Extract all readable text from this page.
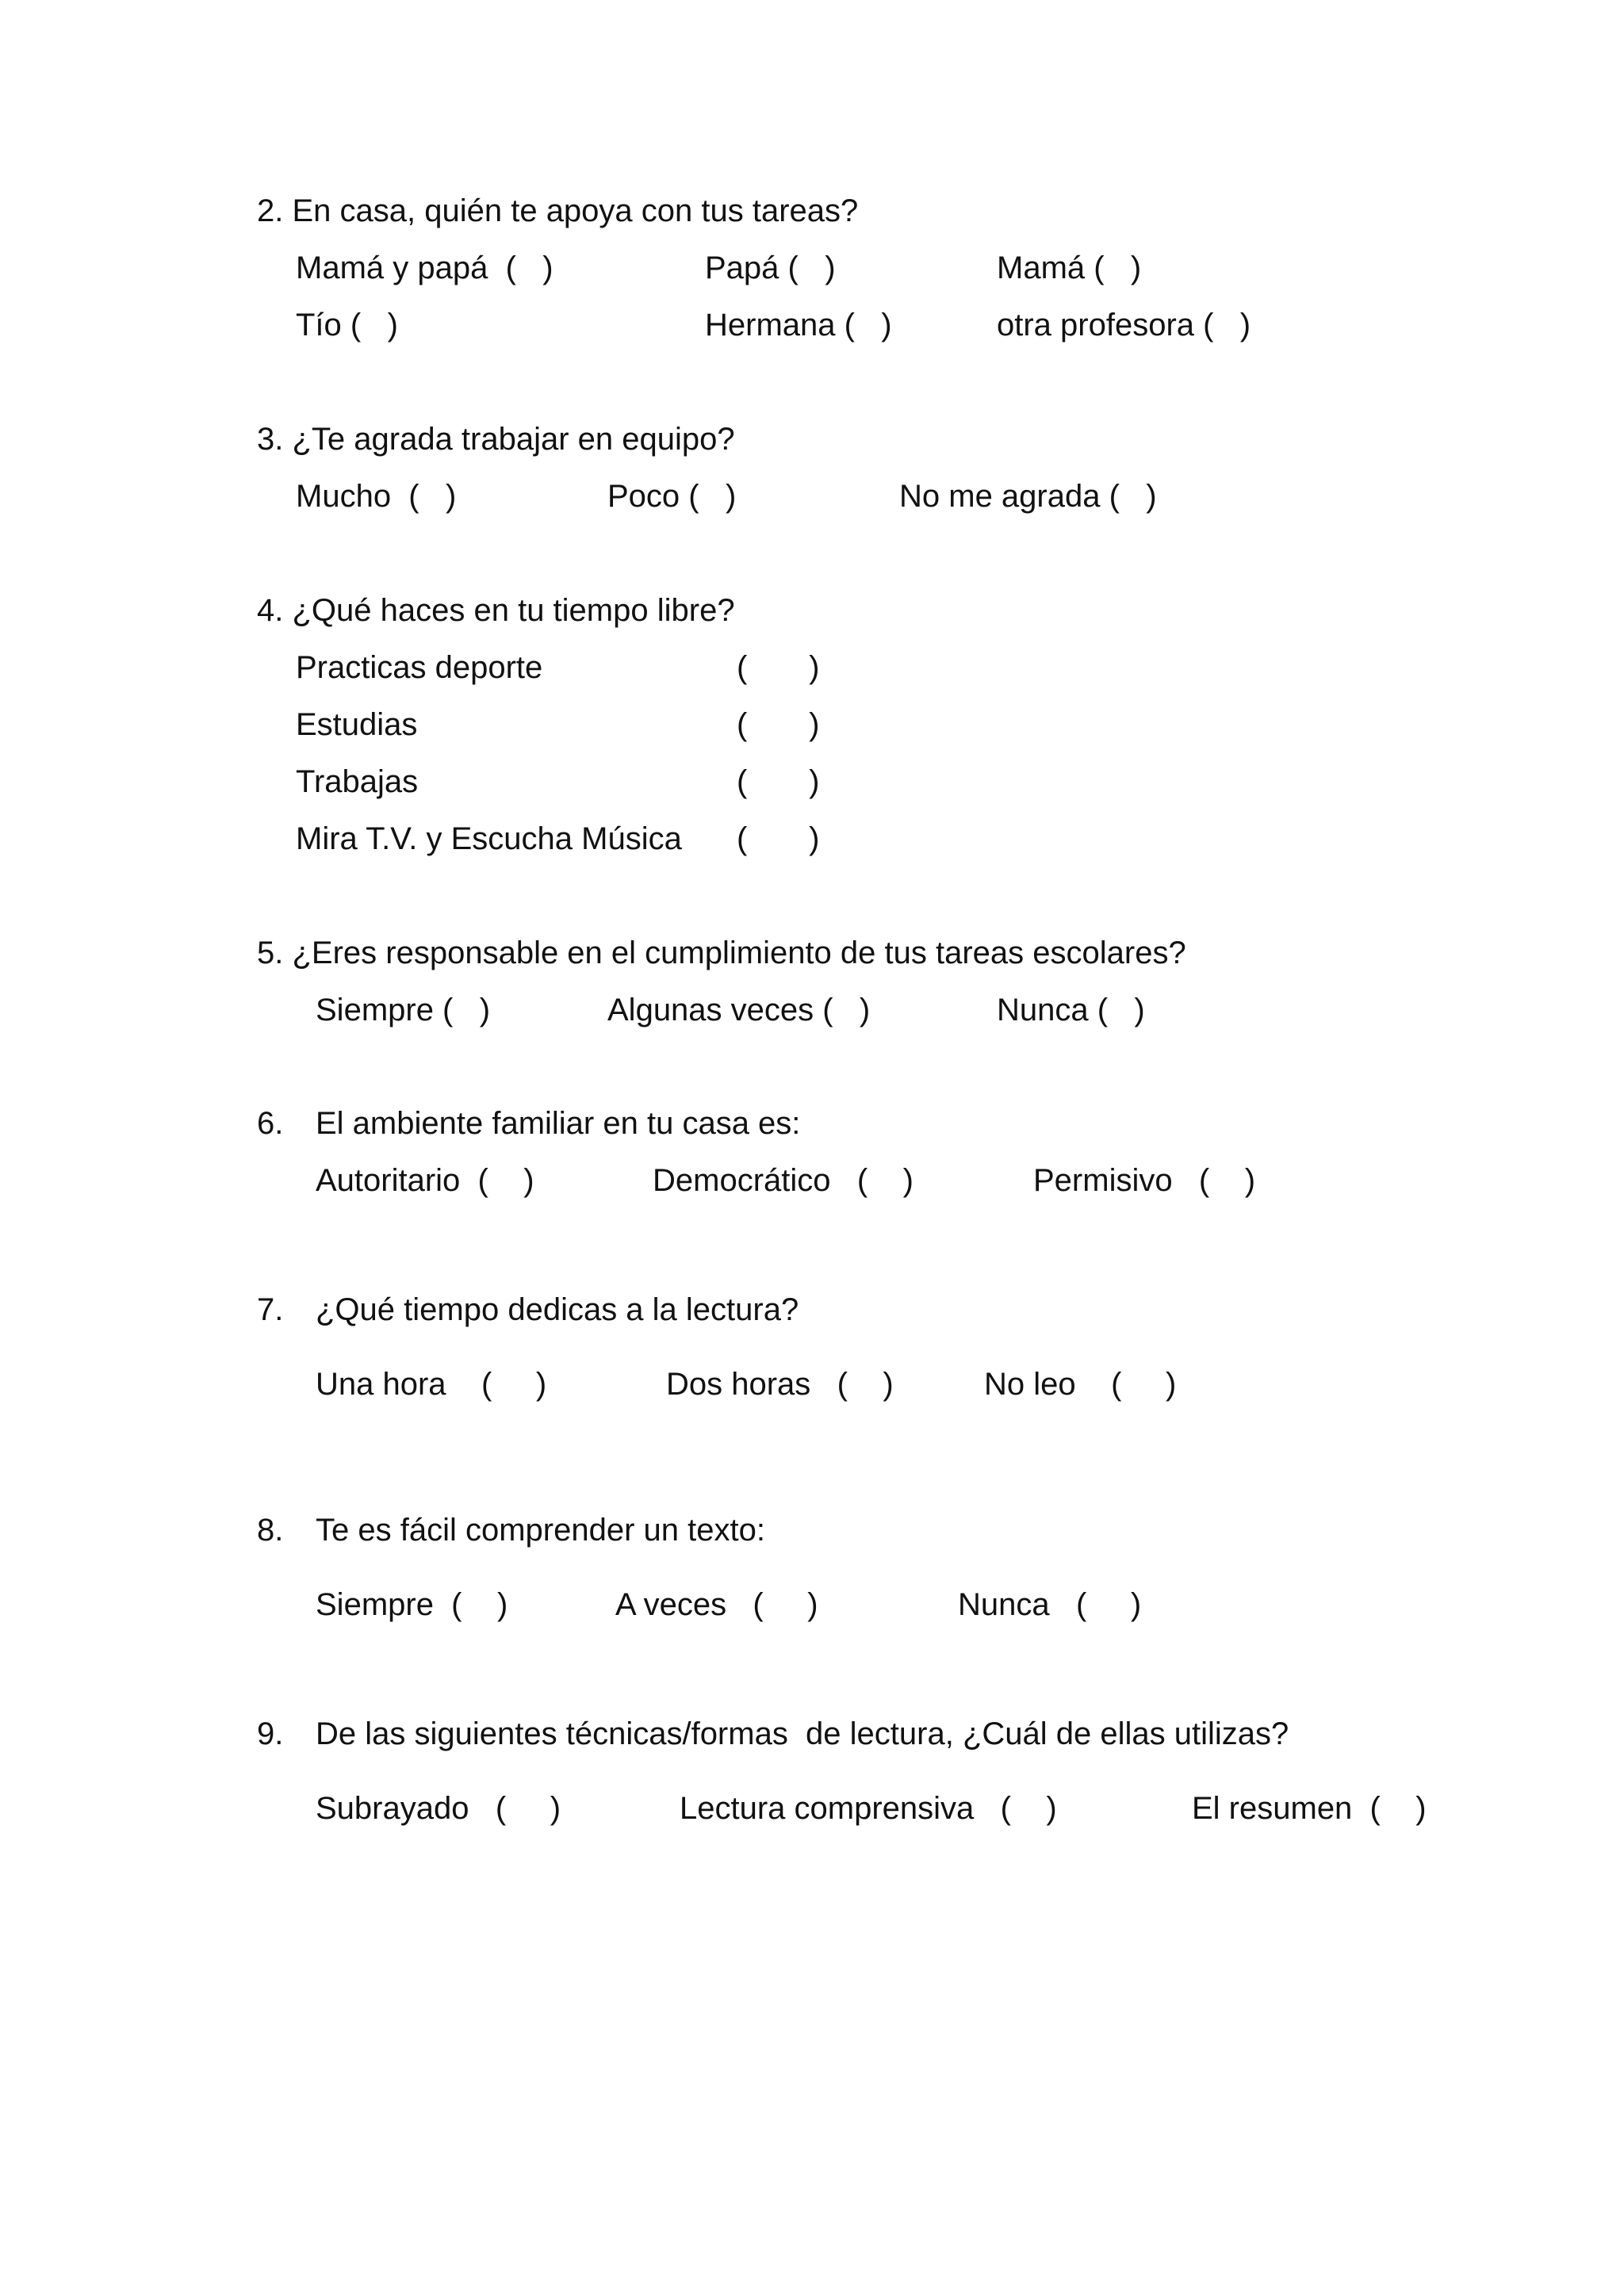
2. En casa, quién te apoya con tus tareas?
Mamá y papá  (   )	Papá (   )	Mamá (   )
Tío (   )	Hermana (   )	otra profesora (   )
3. ¿Te agrada trabajar en equipo?
Mucho  (   )	Poco (   )	No me agrada (   )
4. ¿Qué haces en tu tiempo libre?
Practicas deporte	(       )
Estudias	(       )
Trabajas	(       )
Mira T.V. y Escucha Música (       )
5. ¿Eres responsable en el cumplimiento de tus tareas escolares?
Siempre (   )	Algunas veces (   )	Nunca (   )
6. El ambiente familiar en tu casa es:
Autoritario  (    )	Democrático   (    )	Permisivo   (    )
7. ¿Qué tiempo dedicas a la lectura?
Una hora    (     )	Dos horas   (    )	No leo    (     )
8. Te es fácil comprender un texto:
Siempre  (    )	A veces   (     )	Nunca   (     )
9. De las siguientes técnicas/formas  de lectura, ¿Cuál de ellas utilizas?
Subrayado   (     )	Lectura comprensiva   (    )	El resumen  (    )
